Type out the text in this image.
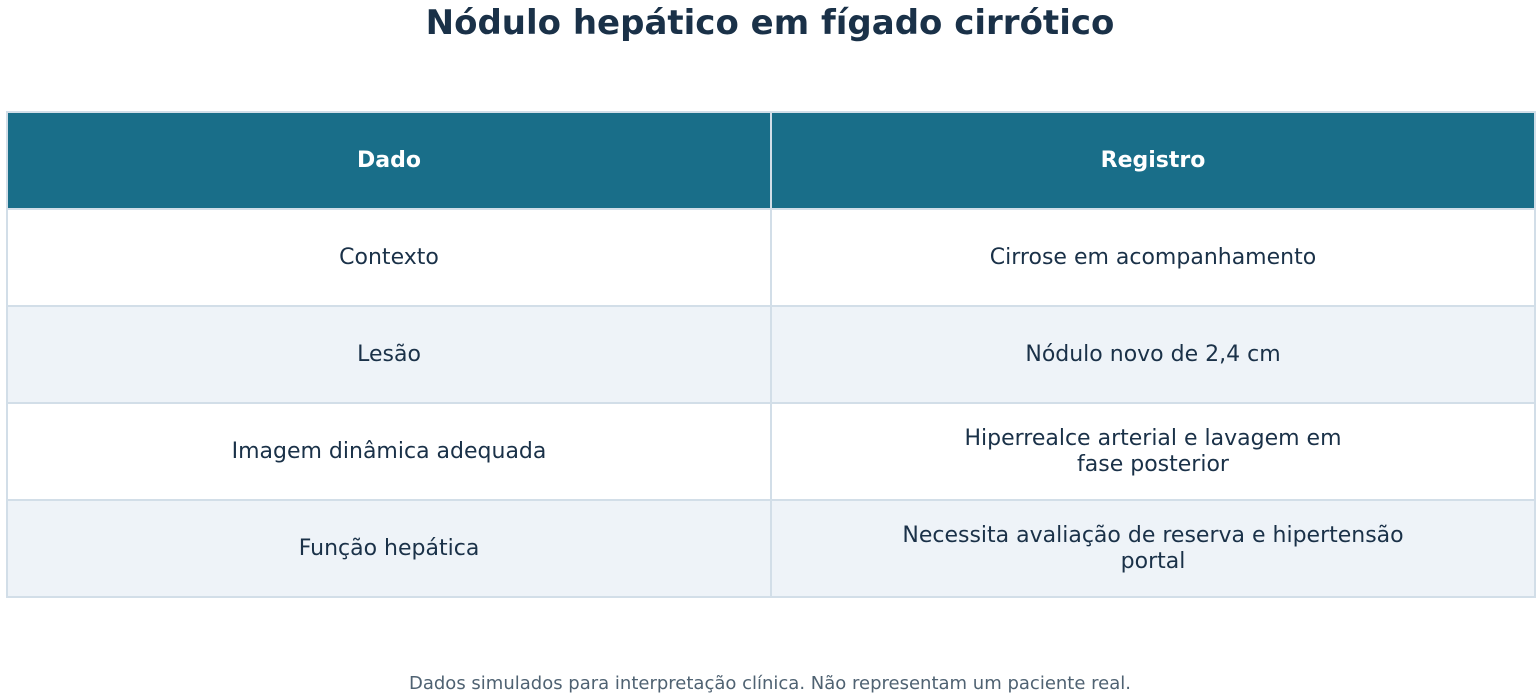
Nódulo hepático em fígado cirrótico
Dado	Registro
Contexto	Cirrose em acompanhamento
Lesão	Nódulo novo de 2,4 cm
Imagem dinâmica adequada	Hiperrealce arterial e lavagem em fase posterior
Função hepática	Necessita avaliação de reserva e hipertensão portal
Dados simulados para interpretação clínica. Não representam um paciente real.
